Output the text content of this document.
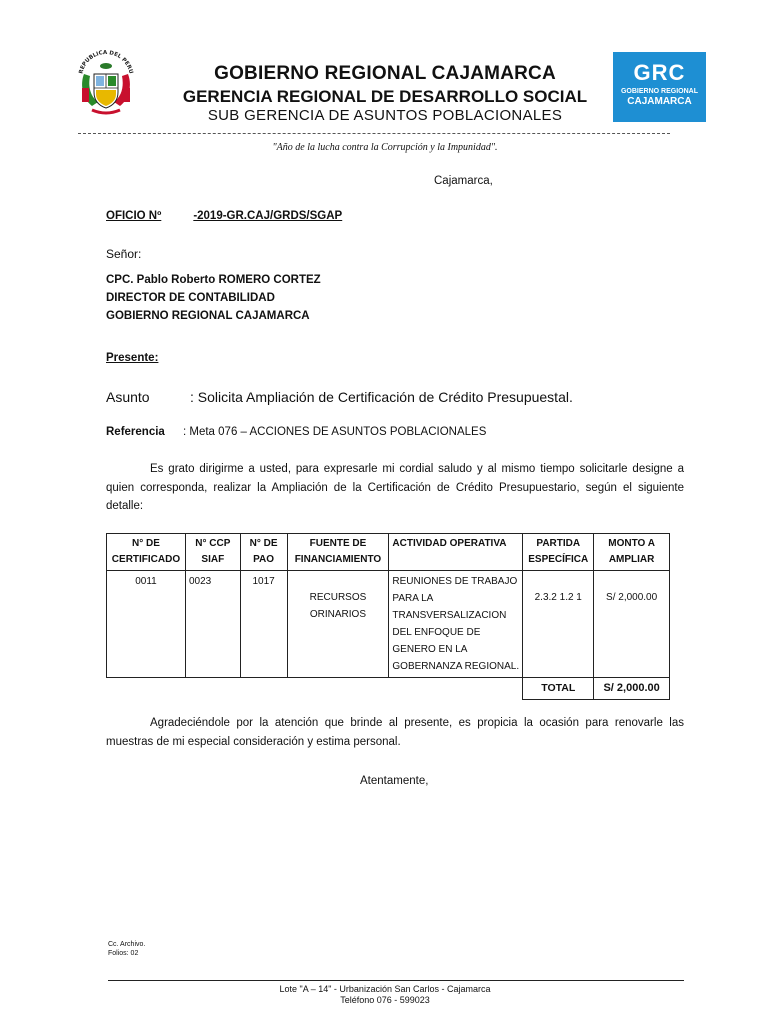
REPUBLICA DEL PERU	GOBIERNO REGIONAL CAJAMARCA
GERENCIA REGIONAL DE DESARROLLO SOCIAL
SUB GERENCIA DE ASUNTOS POBLACIONALES
GRC
GOBIERNO REGIONAL
CAJAMARCA
"Año de la lucha contra la Corrupción y la Impunidad".
Cajamarca,
OFICIO Nº	-2019-GR.CAJ/GRDS/SGAP
Señor:
CPC. Pablo Roberto ROMERO CORTEZ
DIRECTOR DE CONTABILIDAD
GOBIERNO REGIONAL CAJAMARCA
Presente:
Asunto	: Solicita Ampliación de Certificación de Crédito Presupuestal.
Referencia : Meta 076 – ACCIONES DE ASUNTOS POBLACIONALES
Es grato dirigirme a usted, para expresarle mi cordial saludo y al mismo tiempo solicitarle designe a quien corresponda, realizar la Ampliación de la Certificación de Crédito Presupuestario, según el siguiente detalle:
N° DE CERTIFICADO	N° CCP SIAF	N° DE PAO	FUENTE DE FINANCIAMIENTO	ACTIVIDAD OPERATIVA	PARTIDA ESPECÍFICA	MONTO A AMPLIAR
0011	0023	1017	RECURSOS ORINARIOS	REUNIONES DE TRABAJO PARA LA TRANSVERSALIZACION DEL ENFOQUE DE GENERO EN LA GOBERNANZA REGIONAL.	2.3.2 1.2 1	S/ 2,000.00
					TOTAL	S/ 2,000.00
Agradeciéndole por la atención que brinde al presente, es propicia la ocasión para renovarle las muestras de mi especial consideración y estima personal.
Atentamente,
Cc. Archivo.
Folios: 02
Lote "A – 14" - Urbanización San Carlos - Cajamarca
Teléfono 076 - 599023
